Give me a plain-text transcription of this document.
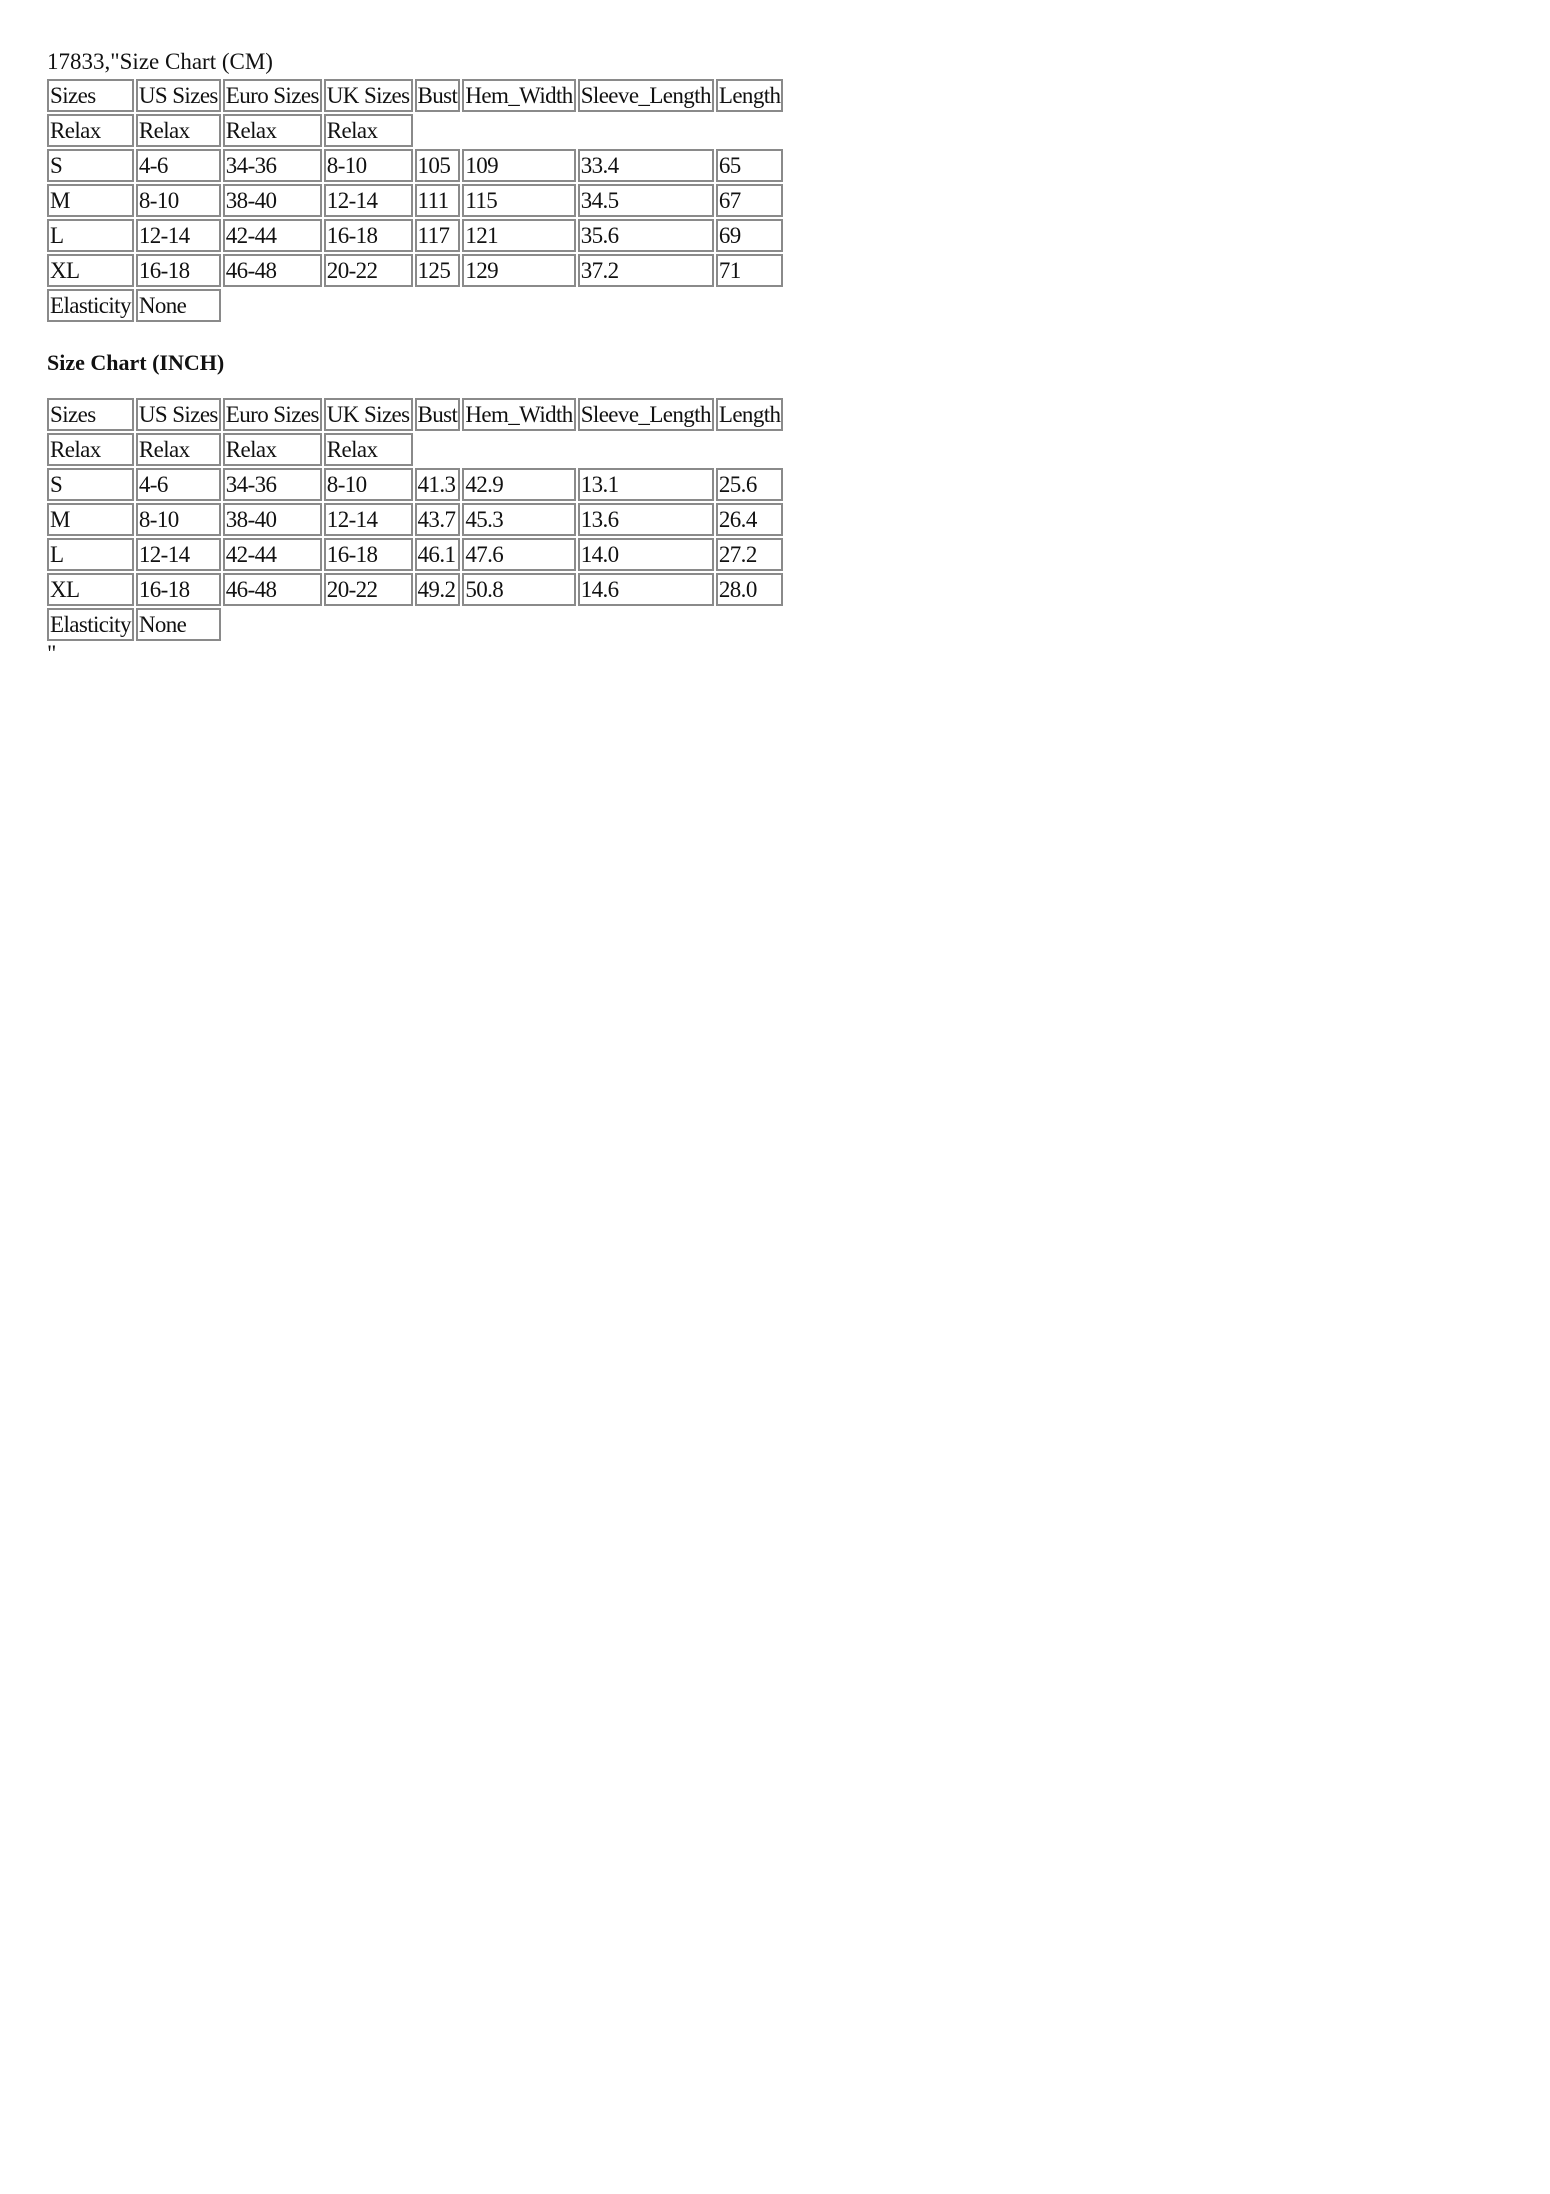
17833,"Size Chart (CM)

Sizes	US Sizes	Euro Sizes	UK Sizes	Bust	Hem_Width	Sleeve_Length	Length
Relax	Relax	Relax	Relax				
S	4-6	34-36	8-10	105	109	33.4	65
M	8-10	38-40	12-14	111	115	34.5	67
L	12-14	42-44	16-18	117	121	35.6	69
XL	16-18	46-48	20-22	125	129	37.2	71
Elasticity	None						

Size Chart (INCH)

Sizes	US Sizes	Euro Sizes	UK Sizes	Bust	Hem_Width	Sleeve_Length	Length
Relax	Relax	Relax	Relax				
S	4-6	34-36	8-10	41.3	42.9	13.1	25.6
M	8-10	38-40	12-14	43.7	45.3	13.6	26.4
L	12-14	42-44	16-18	46.1	47.6	14.0	27.2
XL	16-18	46-48	20-22	49.2	50.8	14.6	28.0
Elasticity	None						

"
